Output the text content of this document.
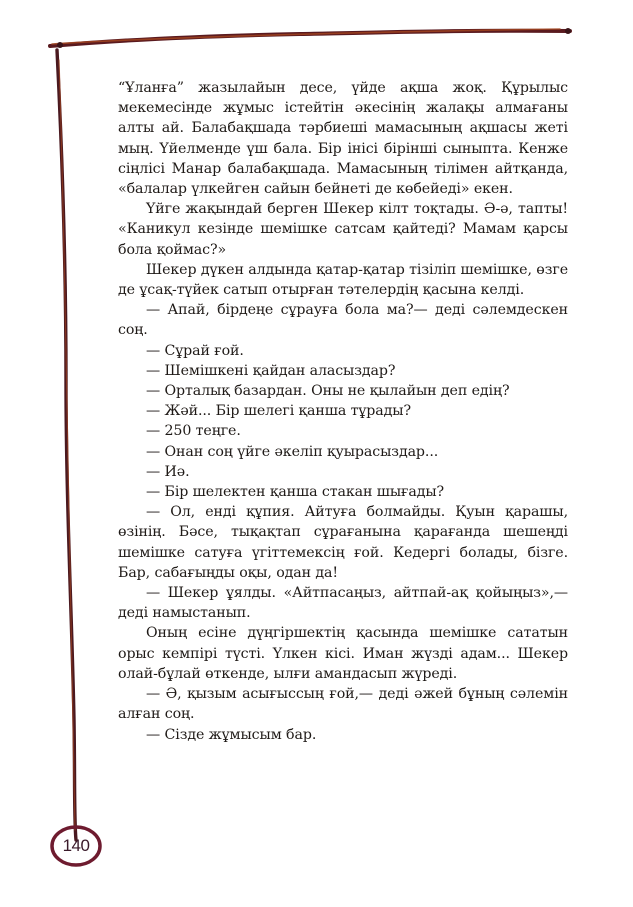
“Ұланға” жазылайын десе, үйде ақша жоқ. Құрылыс мекемесінде жұмыс істейтін әкесінің жалақы алмағаны алты ай. Балабақшада тәрбиеші мамасының ақшасы жеті мың. Үйелменде үш бала. Бір інісі бірінші сыныпта. Кенже сіңлісі Манар балабақшада. Мамасының тілімен айтқанда, «балалар үлкейген сайын бейнеті де көбейеді» екен.

Үйге жақындай берген Шекер кілт тоқтады. Ә-ә, тапты! «Каникул кезінде шемішке сатсам қайтеді? Мамам қарсы бола қоймас?»

Шекер дүкен алдында қатар-қатар тізіліп шемішке, өзге де ұсақ-түйек сатып отырған тәтелердің қасына келді.

— Апай, бірдеңе сұрауға бола ма?— деді сәлемдескен соң.

— Сұрай ғой.

— Шемішкені қайдан аласыздар?

— Орталық базардан. Оны не қылайын деп едің?

— Жәй... Бір шелегі қанша тұрады?

— 250 теңге.

— Онан соң үйге әкеліп қуырасыздар...

— Иә.

— Бір шелектен қанша стакан шығады?

— Ол, енді құпия. Айтуға болмайды. Қуын қарашы, өзінің. Бәсе, тықақтап сұрағанына қарағанда шешеңді шемішке сатуға үгіттемексің ғой. Кедергі болады, бізге. Бар, сабағыңды оқы, одан да!

— Шекер ұялды. «Айтпасаңыз, айтпай-ақ қойыңыз»,—деді намыстанып.

Оның есіне дүңгіршектің қасында шемішке сататын орыс кемпірі түсті. Үлкен кісі. Иман жүзді адам... Шекер олай-бұлай өткенде, ылғи амандасып жүреді.

— Ә, қызым асығыссың ғой,— деді әжей бұның сәлемін алған соң.

— Сізде жұмысым бар.

140
